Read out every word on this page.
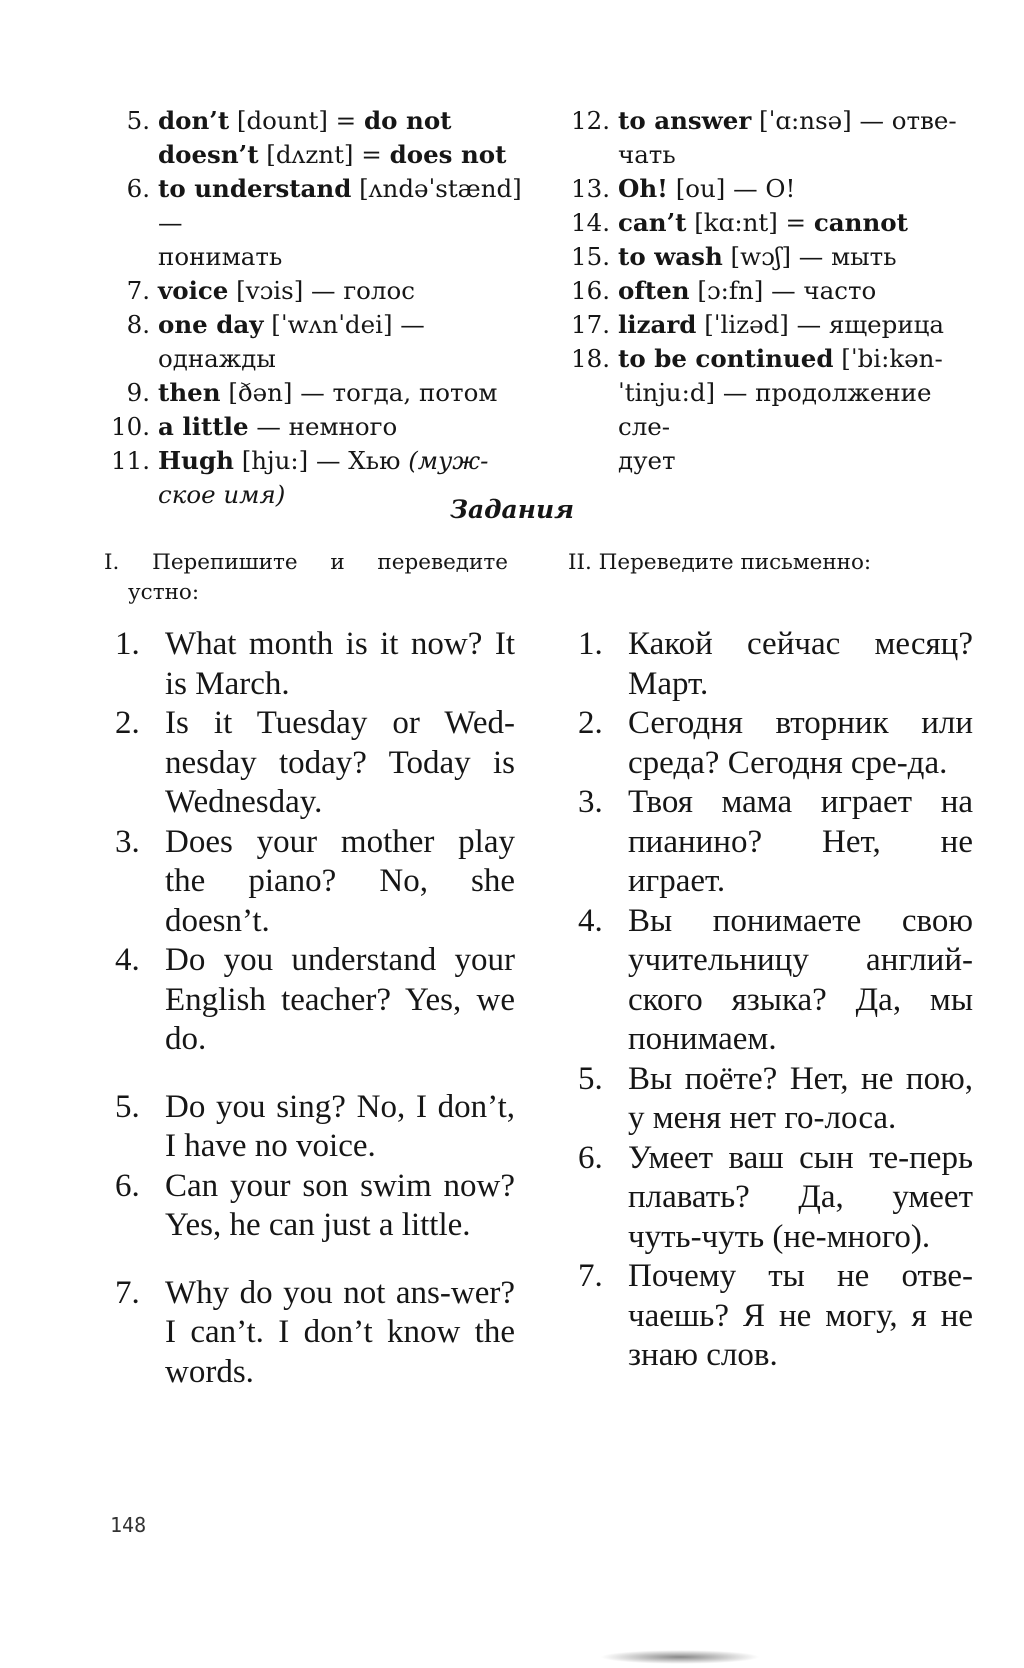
5. don’t [dount] = do not
doesn’t [dʌznt] = does not
6. to understand [ʌndəˈstænd] —
понимать
7. voice [vɔis] — голос
8. one day [ˈwʌnˈdei] —однажды
9. then [ðən] — тогда, потом
10. a little — немного
11. Hugh [hju:] — Хью (муж-
ское имя)
12. to answer [ˈɑ:nsə] — отве-
чать
13. Oh! [ou] — О!
14. can’t [kɑ:nt] = cannot
15. to wash [wɔʃ] — мыть
16. often [ɔ:fn] — часто
17. lizard [ˈlizəd] — ящерица
18. to be continued [ˈbi:kən-
ˈtinju:d] — продолжение сле-
дует
Задания
I. Перепишите и переведите
устно:
II. Переведите письменно:
1. What month is it now? It is March.
2. Is it Tuesday or Wed-nesday today? Today is Wednesday.
3. Does your mother play the piano? No, she doesn’t.
4. Do you understand your English teacher? Yes, we do.
5. Do you sing? No, I don’t, I have no voice.
6. Can your son swim now? Yes, he can just a little.
7. Why do you not ans-wer? I can’t. I don’t know the words.
1. Какой сейчас месяц? Март.
2. Сегодня вторник или среда? Сегодня сре-да.
3. Твоя мама играет на пианино? Нет, не играет.
4. Вы понимаете свою учительницу англий-ского языка? Да, мы понимаем.
5. Вы поёте? Нет, не пою, у меня нет го-лоса.
6. Умеет ваш сын те-перь плавать? Да, умеет чуть-чуть (не-много).
7. Почему ты не отве-чаешь? Я не могу, я не знаю слов.
148
